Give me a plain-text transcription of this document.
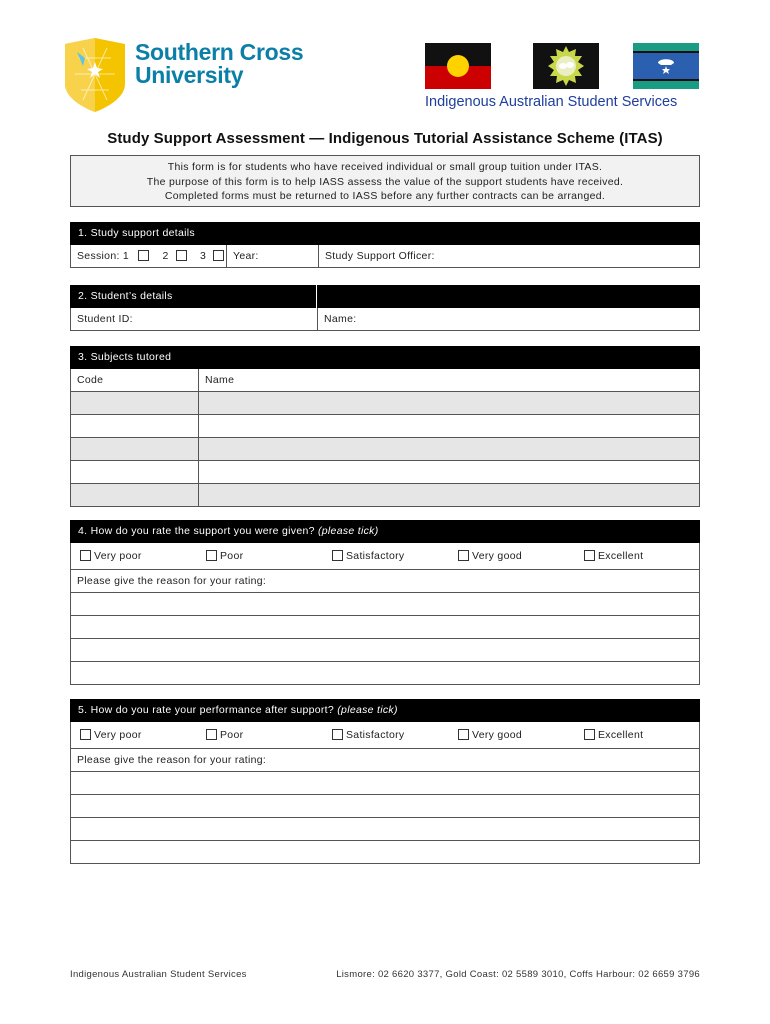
Southern Cross
University
Indigenous Australian Student Services
Study Support Assessment — Indigenous Tutorial Assistance Scheme (ITAS)

This form is for students who have received individual or small group tuition under ITAS.

The purpose of this form is to help IASS assess the value of the support students have received.

Completed forms must be returned to IASS before any further contracts can be arranged.

1. Study support details
Session: 1	2	3	Year:	Study Support Officer:
2. Student’s details
Student ID:	Name:
3. Subjects tutored
Code	Name
4. How do you rate the support you were given? (please tick)
Very poor	Poor	Satisfactory	Very good	Excellent
Please give the reason for your rating:
5. How do you rate your performance after support? (please tick)
Very poor	Poor	Satisfactory	Very good	Excellent
Please give the reason for your rating:
Indigenous Australian Student Services	Lismore: 02 6620 3377, Gold Coast: 02 5589 3010, Coffs Harbour: 02 6659 3796
